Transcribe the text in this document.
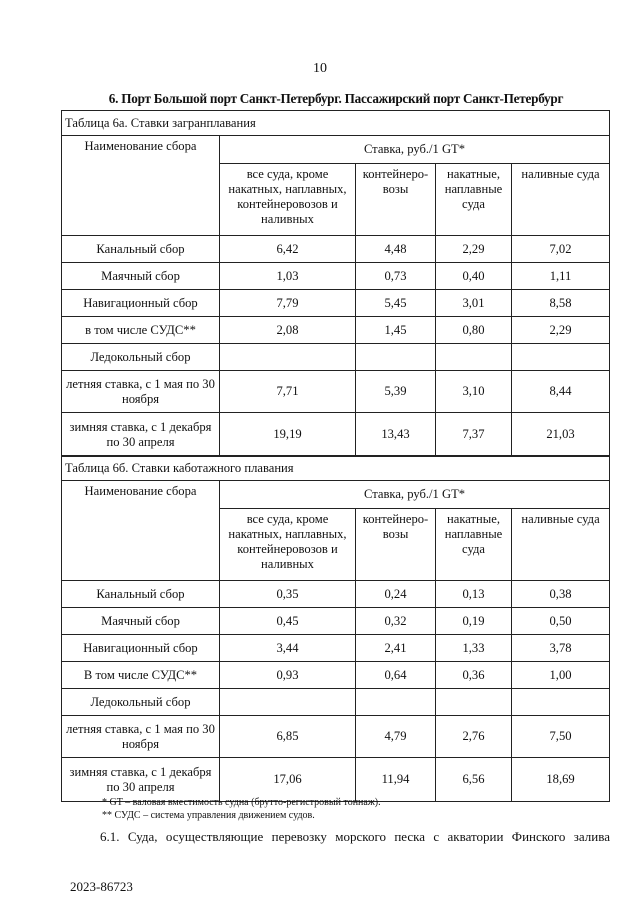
10
6. Порт Большой порт Санкт-Петербург. Пассажирский порт Санкт-Петербург
Таблица 6а. Ставки загранплавания				
Наименование сбора	Ставка, руб./1 GT*			
	все суда, кроме накатных, наплавных, контейнеровозов и наливных	контейнеро-возы	накатные, наплавные суда	наливные суда
Канальный сбор	6,42	4,48	2,29	7,02
Маячный сбор	1,03	0,73	0,40	1,11
Навигационный сбор	7,79	5,45	3,01	8,58
в том числе СУДС**	2,08	1,45	0,80	2,29
Ледокольный сбор				
летняя ставка, с 1 мая по 30 ноября	7,71	5,39	3,10	8,44
зимняя ставка, с 1 декабря по 30 апреля	19,19	13,43	7,37	21,03
Таблица 6б. Ставки каботажного плавания				
Наименование сбора	Ставка, руб./1 GT*			
	все суда, кроме накатных, наплавных, контейнеровозов и наливных	контейнеро-возы	накатные, наплавные суда	наливные суда
Канальный сбор	0,35	0,24	0,13	0,38
Маячный сбор	0,45	0,32	0,19	0,50
Навигационный сбор	3,44	2,41	1,33	3,78
В том числе СУДС**	0,93	0,64	0,36	1,00
Ледокольный сбор				
летняя ставка, с 1 мая по 30 ноября	6,85	4,79	2,76	7,50
зимняя ставка, с 1 декабря по 30 апреля	17,06	11,94	6,56	18,69
* GT – валовая вместимость судна (брутто-регистровый тоннаж).
** СУДС – система управления движением судов.
6.1. Суда, осуществляющие перевозку морского песка с акватории Финского залива
2023-86723
